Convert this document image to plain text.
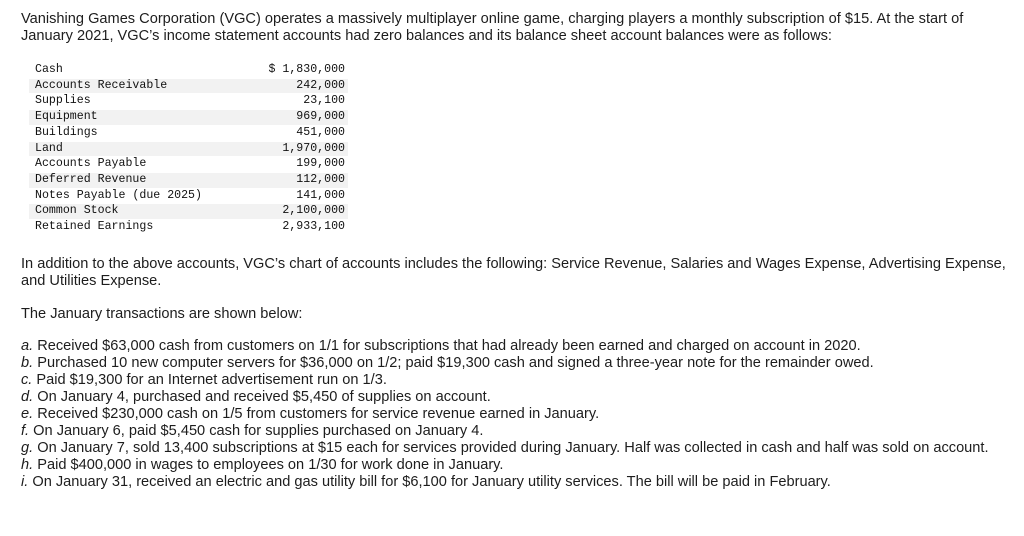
Vanishing Games Corporation (VGC) operates a massively multiplayer online game, charging players a monthly subscription of $15. At the start of January 2021, VGC’s income statement accounts had zero balances and its balance sheet account balances were as follows:

Cash	$ 1,830,000
Accounts Receivable	242,000
Supplies	23,100
Equipment	969,000
Buildings	451,000
Land	1,970,000
Accounts Payable	199,000
Deferred Revenue	112,000
Notes Payable (due 2025)	141,000
Common Stock	2,100,000
Retained Earnings	2,933,100

In addition to the above accounts, VGC’s chart of accounts includes the following: Service Revenue, Salaries and Wages Expense, Advertising Expense, and Utilities Expense.

The January transactions are shown below:

a. Received $63,000 cash from customers on 1/1 for subscriptions that had already been earned and charged on account in 2020.

b. Purchased 10 new computer servers for $36,000 on 1/2; paid $19,300 cash and signed a three-year note for the remainder owed.

c. Paid $19,300 for an Internet advertisement run on 1/3.

d. On January 4, purchased and received $5,450 of supplies on account.

e. Received $230,000 cash on 1/5 from customers for service revenue earned in January.

f. On January 6, paid $5,450 cash for supplies purchased on January 4.

g. On January 7, sold 13,400 subscriptions at $15 each for services provided during January. Half was collected in cash and half was sold on account.

h. Paid $400,000 in wages to employees on 1/30 for work done in January.

i. On January 31, received an electric and gas utility bill for $6,100 for January utility services. The bill will be paid in February.
